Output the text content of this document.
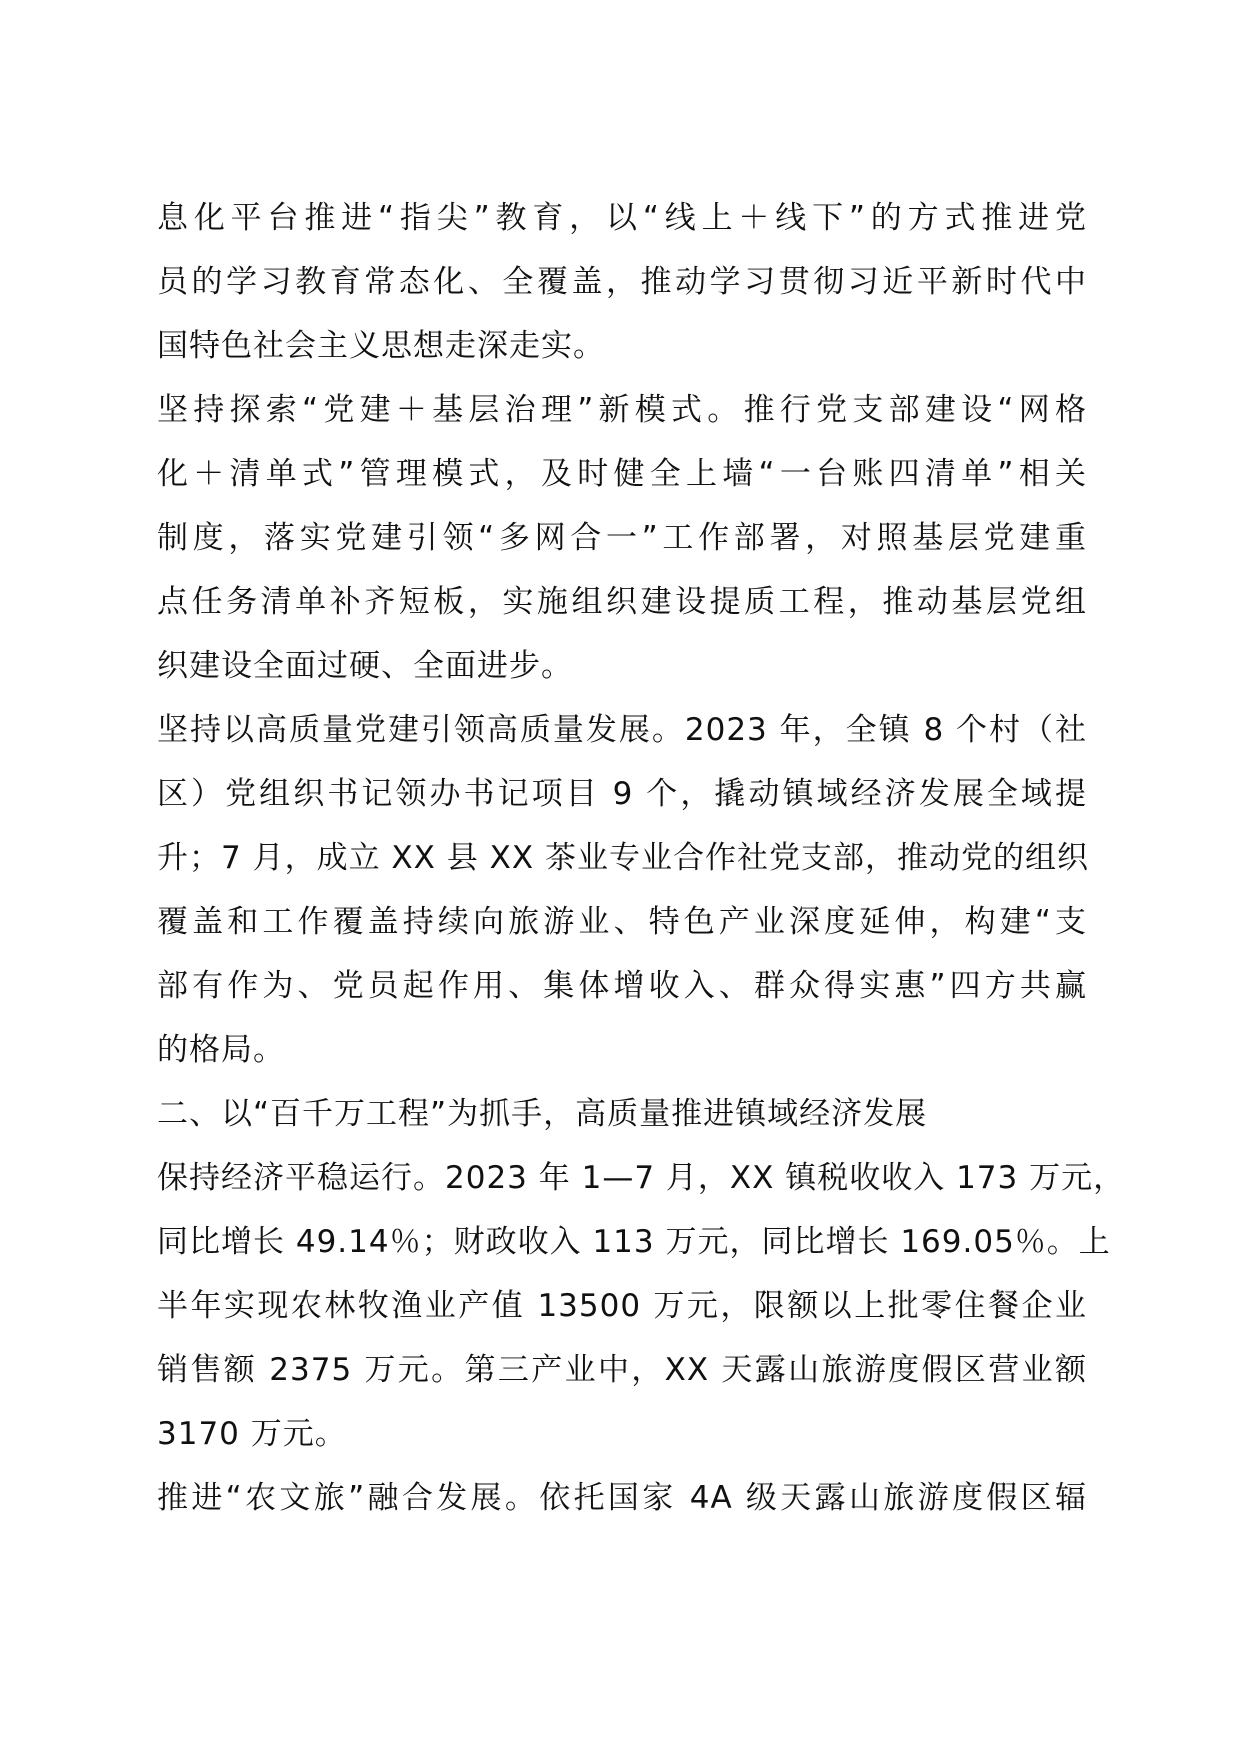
息化平台推进“指尖”教育，以“线上＋线下”的方式推进党
员的学习教育常态化、全覆盖，推动学习贯彻习近平新时代中
国特色社会主义思想走深走实。
坚持探索“党建＋基层治理”新模式。推行党支部建设“网格
化＋清单式”管理模式，及时健全上墙“一台账四清单”相关
制度，落实党建引领“多网合一”工作部署，对照基层党建重
点任务清单补齐短板，实施组织建设提质工程，推动基层党组
织建设全面过硬、全面进步。
坚持以高质量党建引领高质量发展。2023 年，全镇 8 个村（社
区）党组织书记领办书记项目 9 个，撬动镇域经济发展全域提
升；7 月，成立 XX 县 XX 茶业专业合作社党支部，推动党的组织
覆盖和工作覆盖持续向旅游业、特色产业深度延伸，构建“支
部有作为、党员起作用、集体增收入、群众得实惠”四方共赢
的格局。
二、以“百千万工程”为抓手，高质量推进镇域经济发展
保持经济平稳运行。2023 年 1—7 月，XX 镇税收收入 173 万元，
同比增长 49.14％；财政收入 113 万元，同比增长 169.05％。上
半年实现农林牧渔业产值 13500 万元，限额以上批零住餐企业
销售额 2375 万元。第三产业中，XX 天露山旅游度假区营业额
3170 万元。
推进“农文旅”融合发展。依托国家 4A 级天露山旅游度假区辐
